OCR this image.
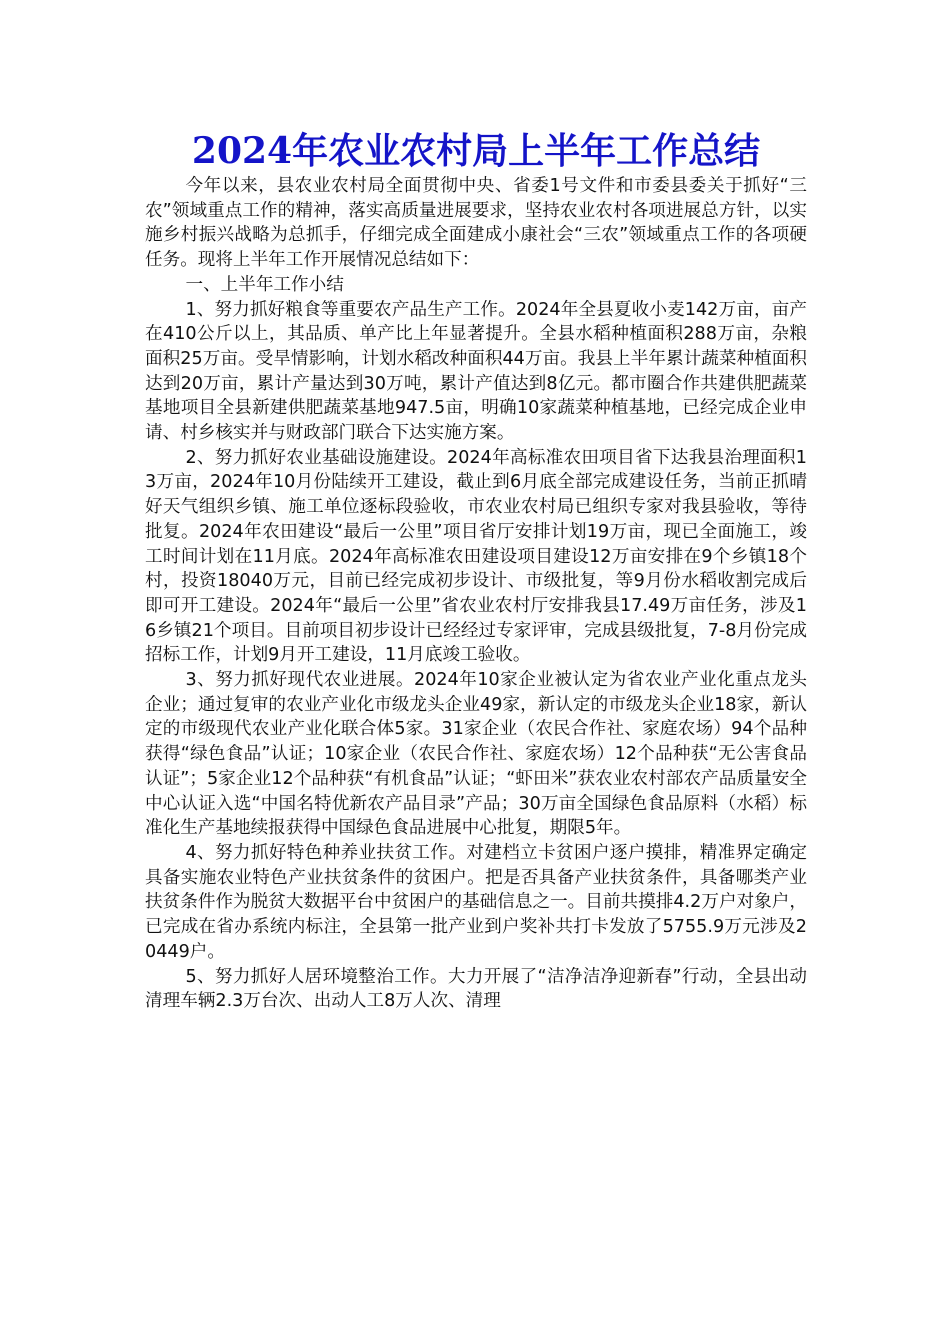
2024年农业农村局上半年工作总结

今年以来，县农业农村局全面贯彻中央、省委1号文件和市委县委关于抓好“三农”领域重点工作的精神，落实高质量进展要求，坚持农业农村各项进展总方针，以实施乡村振兴战略为总抓手，仔细完成全面建成小康社会“三农”领域重点工作的各项硬任务。现将上半年工作开展情况总结如下：

一、上半年工作小结

1、努力抓好粮食等重要农产品生产工作。2024年全县夏收小麦142万亩，亩产在410公斤以上，其品质、单产比上年显著提升。全县水稻种植面积288万亩，杂粮面积25万亩。受旱情影响，计划水稻改种面积44万亩。我县上半年累计蔬菜种植面积达到20万亩，累计产量达到30万吨，累计产值达到8亿元。都市圈合作共建供肥蔬菜基地项目全县新建供肥蔬菜基地947.5亩，明确10家蔬菜种植基地，已经完成企业申请、村乡核实并与财政部门联合下达实施方案。

2、努力抓好农业基础设施建设。2024年高标准农田项目省下达我县治理面积13万亩，2024年10月份陆续开工建设，截止到6月底全部完成建设任务，当前正抓晴好天气组织乡镇、施工单位逐标段验收，市农业农村局已组织专家对我县验收，等待批复。2024年农田建设“最后一公里”项目省厅安排计划19万亩，现已全面施工，竣工时间计划在11月底。2024年高标准农田建设项目建设12万亩安排在9个乡镇18个村，投资18040万元，目前已经完成初步设计、市级批复，等9月份水稻收割完成后即可开工建设。2024年“最后一公里”省农业农村厅安排我县17.49万亩任务，涉及16乡镇21个项目。目前项目初步设计已经经过专家评审，完成县级批复，7-8月份完成招标工作，计划9月开工建设，11月底竣工验收。

3、努力抓好现代农业进展。2024年10家企业被认定为省农业产业化重点龙头企业；通过复审的农业产业化市级龙头企业49家，新认定的市级龙头企业18家，新认定的市级现代农业产业化联合体5家。31家企业（农民合作社、家庭农场）94个品种获得“绿色食品”认证；10家企业（农民合作社、家庭农场）12个品种获“无公害食品认证”；5家企业12个品种获“有机食品”认证；“虾田米”获农业农村部农产品质量安全中心认证入选“中国名特优新农产品目录”产品；30万亩全国绿色食品原料（水稻）标准化生产基地续报获得中国绿色食品进展中心批复，期限5年。

4、努力抓好特色种养业扶贫工作。对建档立卡贫困户逐户摸排，精准界定确定具备实施农业特色产业扶贫条件的贫困户。把是否具备产业扶贫条件，具备哪类产业扶贫条件作为脱贫大数据平台中贫困户的基础信息之一。目前共摸排4.2万户对象户，已完成在省办系统内标注，全县第一批产业到户奖补共打卡发放了5755.9万元涉及20449户。

5、努力抓好人居环境整治工作。大力开展了“洁净洁净迎新春”行动，全县出动清理车辆2.3万台次、出动人工8万人次、清理
